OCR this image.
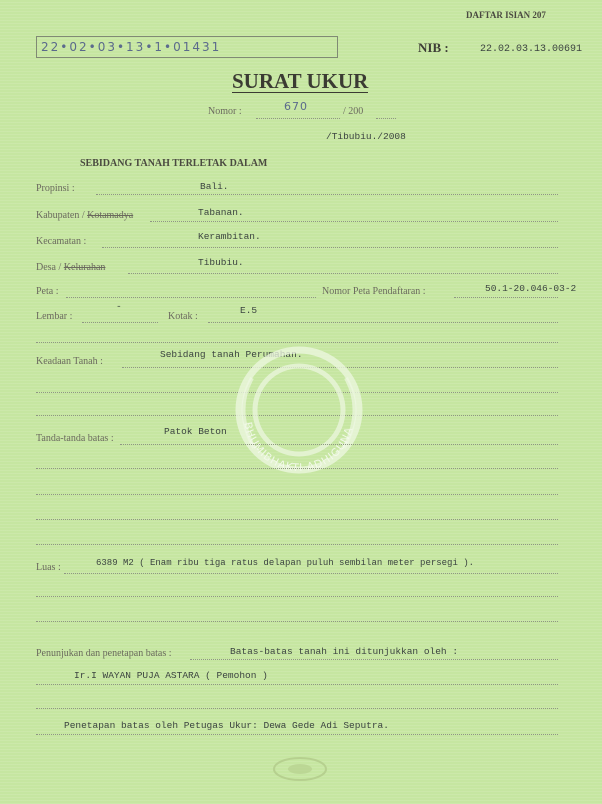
DAFTAR ISIAN 207
22•02•03•13•1•01431	NIB :	22.02.03.13.00691
SURAT UKUR
Nomor :	670	/ 200
/Tibubiu./2008
SEBIDANG TANAH TERLETAK DALAM
Propinsi :	Bali.
Kabupaten / Kotamadya	Tabanan.
Kecamatan :	Kerambitan.
Desa / Kelurahan	Tibubiu.
Peta :	Nomor Peta Pendaftaran :	50.1-20.046-03-2
Lembar :
-
Kotak :
E.5
Keadaan Tanah :
Sebidang tanah Perumahan.
BHUMIBHAKTI ADHIGUNA
Tanda-tanda batas :
Patok Beton
Luas :	6389 M2 ( Enam ribu tiga ratus delapan puluh sembilan meter persegi ).
Penunjukan dan penetapan batas :	Batas-batas tanah ini ditunjukkan oleh :
Ir.I WAYAN PUJA ASTARA ( Pemohon )
Penetapan batas oleh Petugas Ukur: Dewa Gede Adi Seputra.
